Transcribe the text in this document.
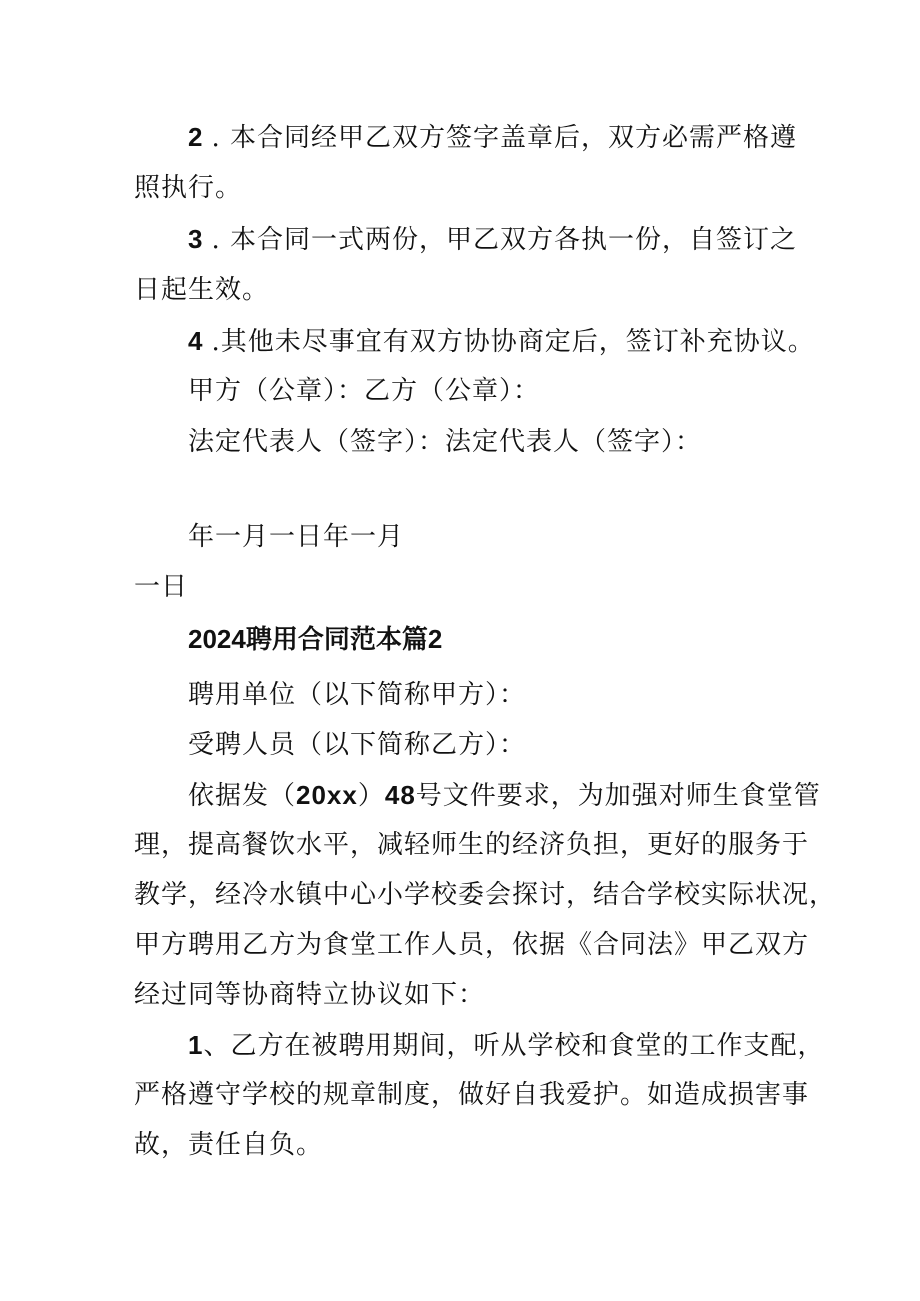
2 . 本合同经甲乙双方签字盖章后，双方必需严格遵
照执行。
3 . 本合同一式两份，甲乙双方各执一份，自签订之
日起生效。
4 .其他未尽事宜有双方协协商定后，签订补充协议。
甲方（公章）：乙方（公章）：
法定代表人（签字）：法定代表人（签字）：
年一月一日年一月
一日
2024聘用合同范本篇2
聘用单位（以下简称甲方）：
受聘人员（以下简称乙方）：
依据发（20xx）48号文件要求，为加强对师生食堂管
理，提高餐饮水平，减轻师生的经济负担，更好的服务于
教学，经冷水镇中心小学校委会探讨，结合学校实际状况，
甲方聘用乙方为食堂工作人员，依据《合同法》甲乙双方
经过同等协商特立协议如下：
1、乙方在被聘用期间，听从学校和食堂的工作支配，
严格遵守学校的规章制度，做好自我爱护。如造成损害事
故，责任自负。
